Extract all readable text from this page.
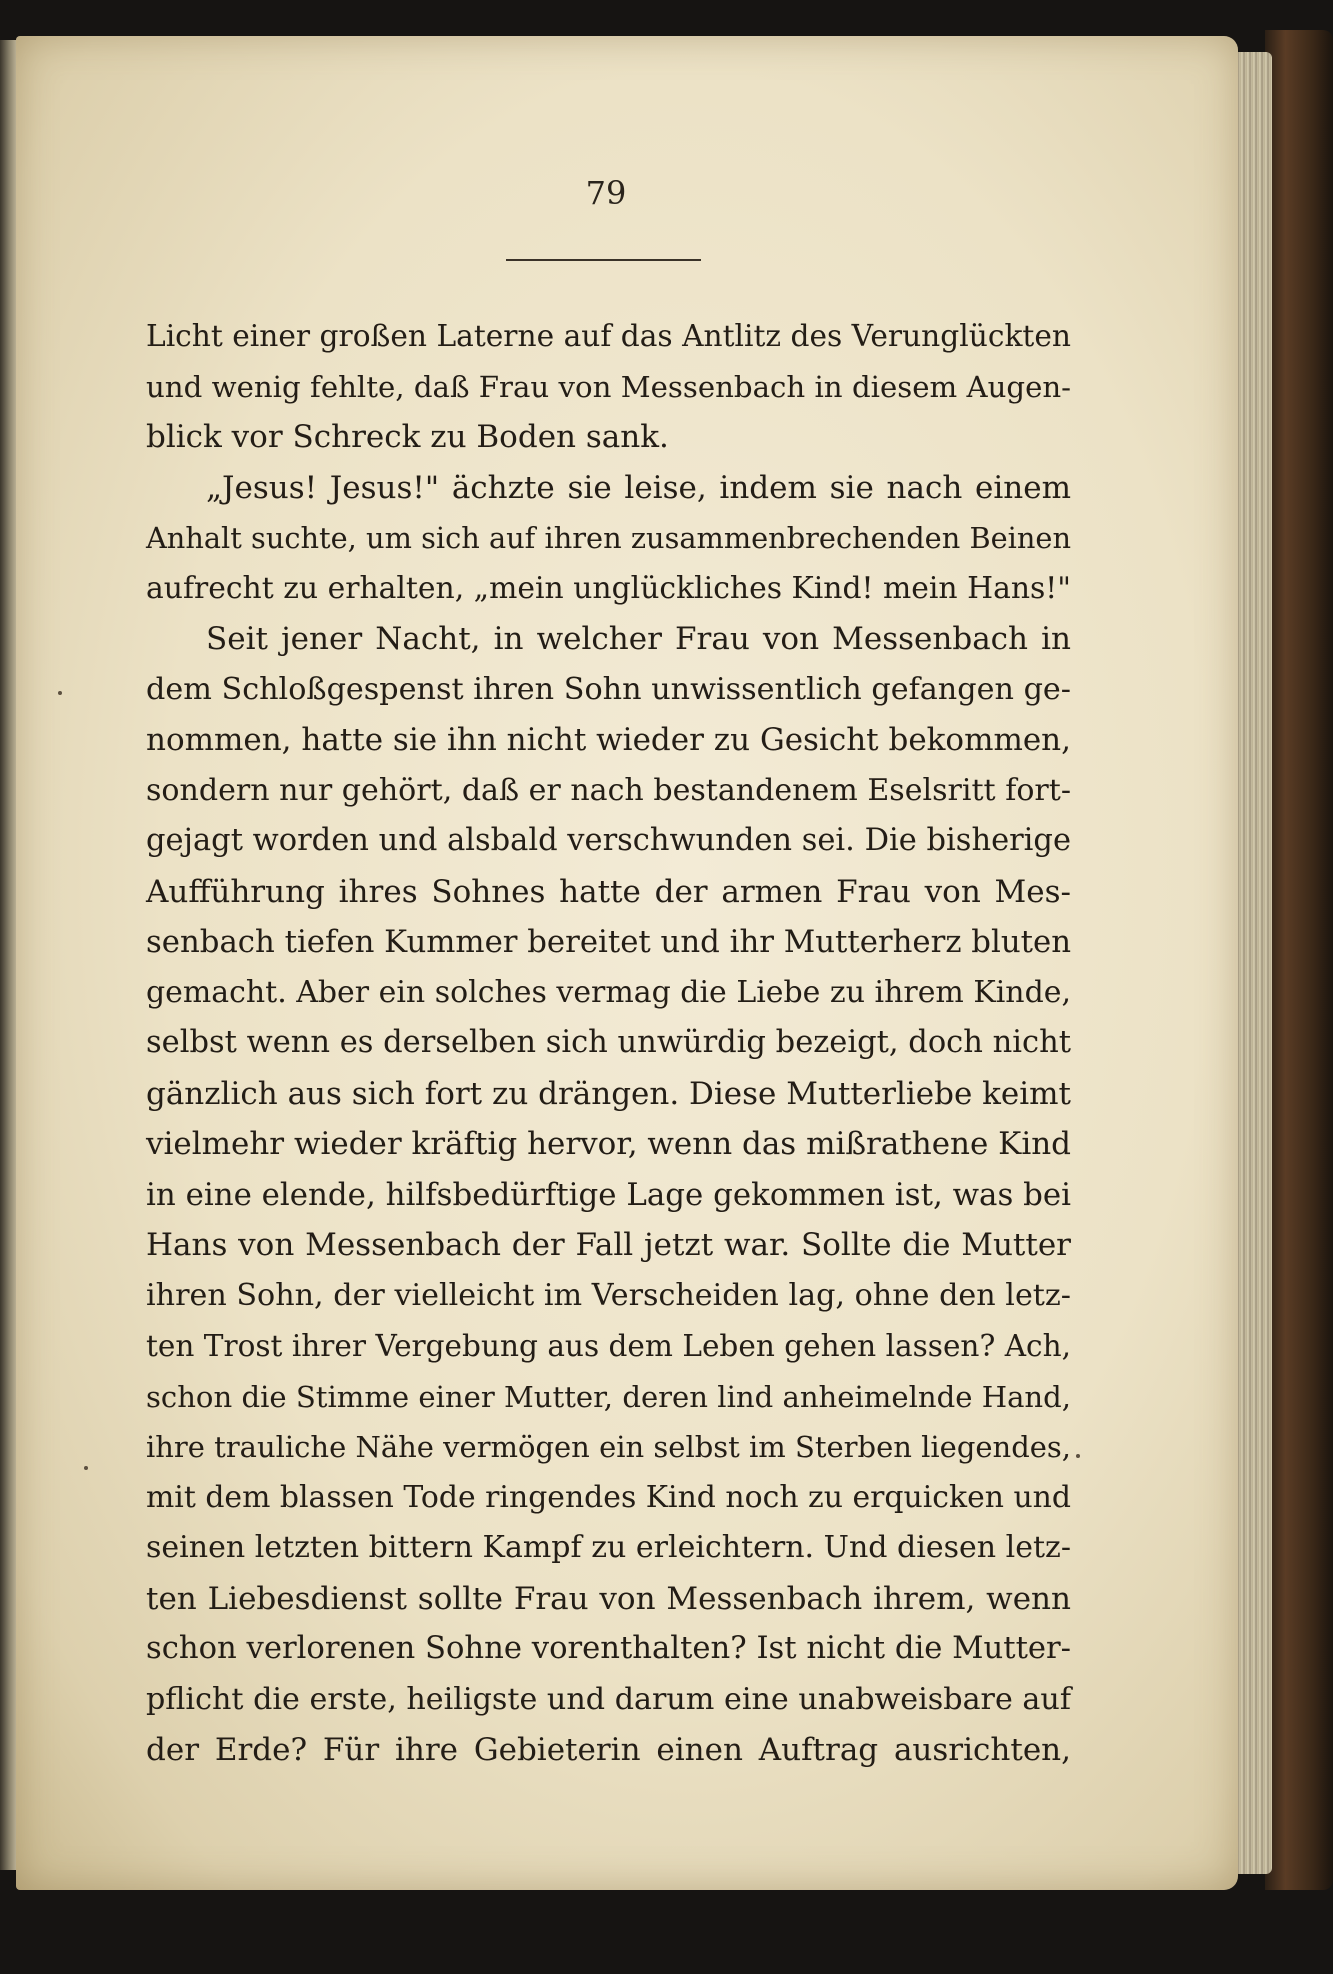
79
Licht einer großen Laterne auf das Antlitz des Verunglückten
und wenig fehlte, daß Frau von Messenbach in diesem Augen-
blick vor Schreck zu Boden sank.
„Jesus! Jesus!" ächzte sie leise, indem sie nach einem
Anhalt suchte, um sich auf ihren zusammenbrechenden Beinen
aufrecht zu erhalten, „mein unglückliches Kind! mein Hans!"
Seit jener Nacht, in welcher Frau von Messenbach in
dem Schloßgespenst ihren Sohn unwissentlich gefangen ge-
nommen, hatte sie ihn nicht wieder zu Gesicht bekommen,
sondern nur gehört, daß er nach bestandenem Eselsritt fort-
gejagt worden und alsbald verschwunden sei. Die bisherige
Aufführung ihres Sohnes hatte der armen Frau von Mes-
senbach tiefen Kummer bereitet und ihr Mutterherz bluten
gemacht. Aber ein solches vermag die Liebe zu ihrem Kinde,
selbst wenn es derselben sich unwürdig bezeigt, doch nicht
gänzlich aus sich fort zu drängen. Diese Mutterliebe keimt
vielmehr wieder kräftig hervor, wenn das mißrathene Kind
in eine elende, hilfsbedürftige Lage gekommen ist, was bei
Hans von Messenbach der Fall jetzt war. Sollte die Mutter
ihren Sohn, der vielleicht im Verscheiden lag, ohne den letz-
ten Trost ihrer Vergebung aus dem Leben gehen lassen? Ach,
schon die Stimme einer Mutter, deren lind anheimelnde Hand,
ihre trauliche Nähe vermögen ein selbst im Sterben liegendes,
mit dem blassen Tode ringendes Kind noch zu erquicken und
seinen letzten bittern Kampf zu erleichtern. Und diesen letz-
ten Liebesdienst sollte Frau von Messenbach ihrem, wenn
schon verlorenen Sohne vorenthalten? Ist nicht die Mutter-
pflicht die erste, heiligste und darum eine unabweisbare auf
der Erde? Für ihre Gebieterin einen Auftrag ausrichten,
